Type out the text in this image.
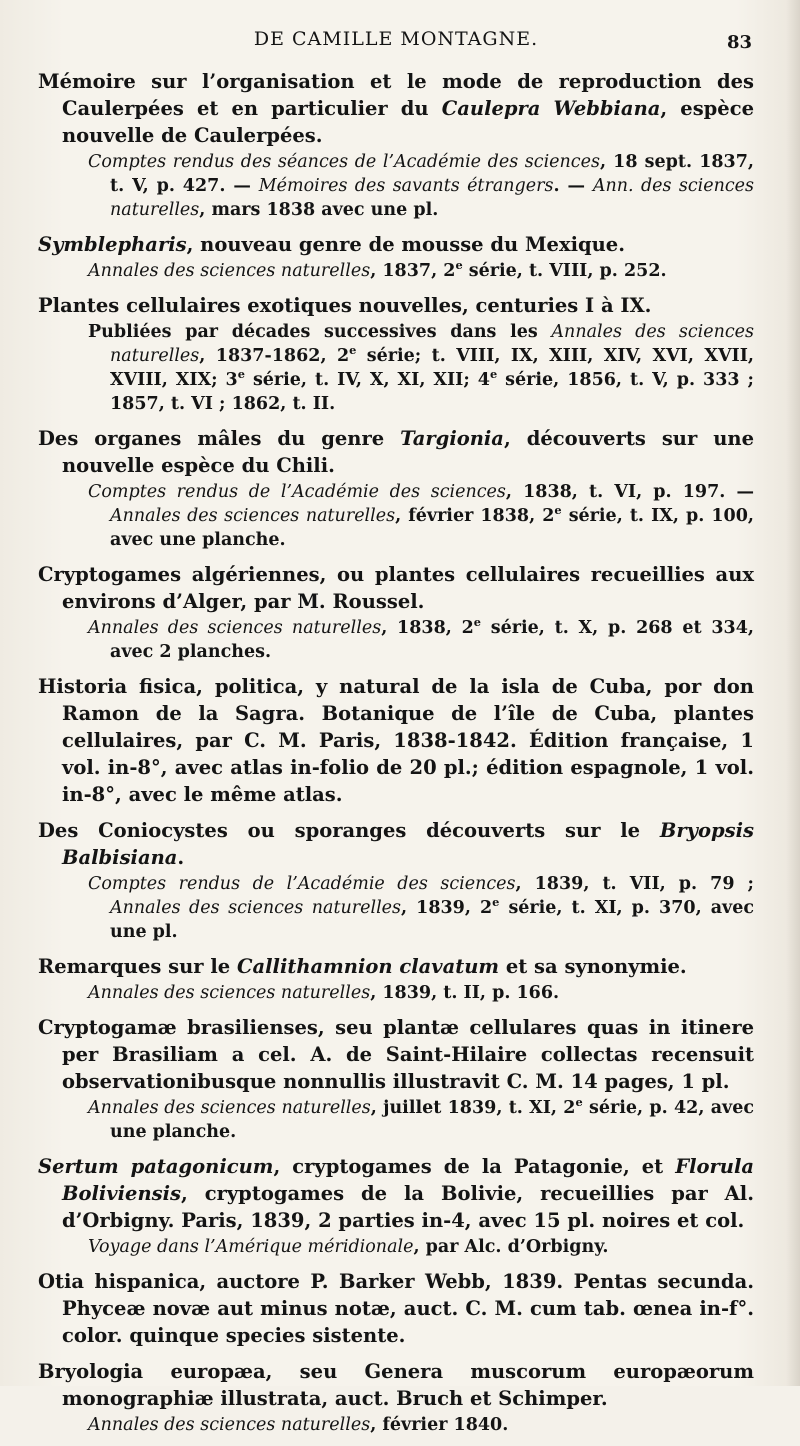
DE CAMILLE MONTAGNE.	83
Mémoire sur l’organisation et le mode de reproduction des Caulerpées et en particulier du Caulepra Webbiana, espèce nouvelle de Caulerpées.
Comptes rendus des séances de l’Académie des sciences, 18 sept. 1837, t. V, p. 427. — Mémoires des savants étrangers. — Ann. des sciences naturelles, mars 1838 avec une pl.
Symblepharis, nouveau genre de mousse du Mexique.
Annales des sciences naturelles, 1837, 2e série, t. VIII, p. 252.
Plantes cellulaires exotiques nouvelles, centuries I à IX.
Publiées par décades successives dans les Annales des sciences naturelles, 1837-1862, 2e série; t. VIII, IX, XIII, XIV, XVI, XVII, XVIII, XIX; 3e série, t. IV, X, XI, XII; 4e série, 1856, t. V, p. 333 ; 1857, t. VI ; 1862, t. II.
Des organes mâles du genre Targionia, découverts sur une nouvelle espèce du Chili.
Comptes rendus de l’Académie des sciences, 1838, t. VI, p. 197. — Annales des sciences naturelles, février 1838, 2e série, t. IX, p. 100, avec une planche.
Cryptogames algériennes, ou plantes cellulaires recueillies aux environs d’Alger, par M. Roussel.
Annales des sciences naturelles, 1838, 2e série, t. X, p. 268 et 334, avec 2 planches.
Historia fisica, politica, y natural de la isla de Cuba, por don Ramon de la Sagra. Botanique de l’île de Cuba, plantes cellulaires, par C. M. Paris, 1838-1842. Édition française, 1 vol. in-8°, avec atlas in-folio de 20 pl.; édition espagnole, 1 vol. in-8°, avec le même atlas.
Des Coniocystes ou sporanges découverts sur le Bryopsis Balbisiana.
Comptes rendus de l’Académie des sciences, 1839, t. VII, p. 79 ; Annales des sciences naturelles, 1839, 2e série, t. XI, p. 370, avec une pl.
Remarques sur le Callithamnion clavatum et sa synonymie.
Annales des sciences naturelles, 1839, t. II, p. 166.
Cryptogamæ brasilienses, seu plantæ cellulares quas in itinere per Brasiliam a cel. A. de Saint-Hilaire collectas recensuit observationibusque nonnullis illustravit C. M. 14 pages, 1 pl.
Annales des sciences naturelles, juillet 1839, t. XI, 2e série, p. 42, avec une planche.
Sertum patagonicum, cryptogames de la Patagonie, et Florula Boliviensis, cryptogames de la Bolivie, recueillies par Al. d’Orbigny. Paris, 1839, 2 parties in-4, avec 15 pl. noires et col.
Voyage dans l’Amérique méridionale, par Alc. d’Orbigny.
Otia hispanica, auctore P. Barker Webb, 1839. Pentas secunda. Phyceæ novæ aut minus notæ, auct. C. M. cum tab. œnea in-f°. color. quinque species sistente.
Bryologia europæa, seu Genera muscorum europæorum monographiæ illustrata, auct. Bruch et Schimper.
Annales des sciences naturelles, février 1840.
